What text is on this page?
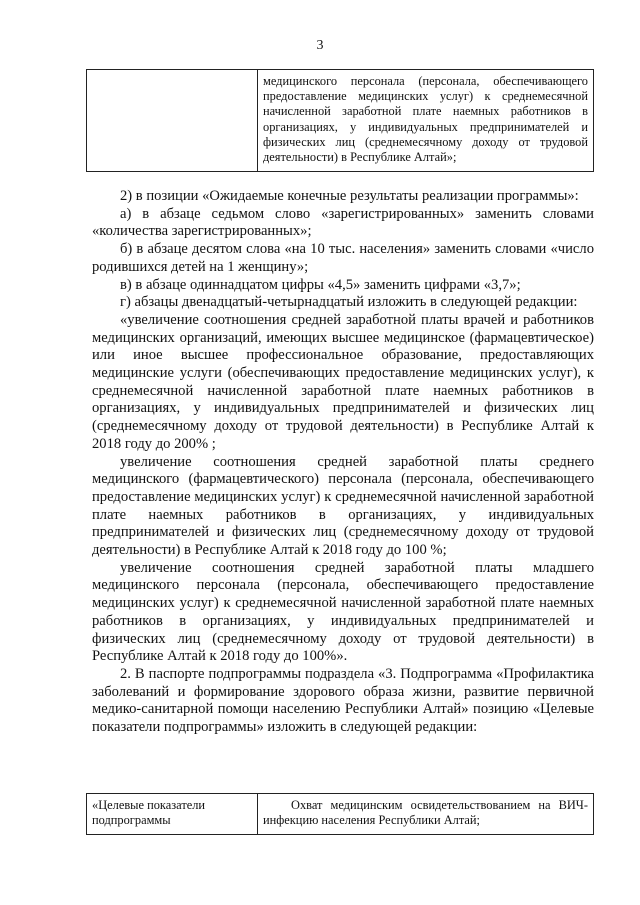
3
	медицинского персонала (персонала, обеспечивающего предоставление медицинских услуг) к среднемесячной начисленной заработной плате наемных работников в организациях, у индивидуальных предпринимателей и физических лиц (среднемесячному доходу от трудовой деятельности) в Республике Алтай»;

2) в позиции «Ожидаемые конечные результаты реализации программы»:

а) в абзаце седьмом слово «зарегистрированных» заменить словами «количества зарегистрированных»;

б) в абзаце десятом слова «на 10 тыс. населения» заменить словами «число родившихся детей на 1 женщину»;

в) в абзаце одиннадцатом цифры «4,5» заменить цифрами «3,7»;

г) абзацы двенадцатый-четырнадцатый изложить в следующей редакции:

«увеличение соотношения средней заработной платы врачей и работников медицинских организаций, имеющих высшее медицинское (фармацевтическое) или иное высшее профессиональное образование, предоставляющих медицинские услуги (обеспечивающих предоставление медицинских услуг), к среднемесячной начисленной заработной плате наемных работников в организациях, у индивидуальных предпринимателей и физических лиц (среднемесячному доходу от трудовой деятельности) в Республике Алтай к 2018 году до 200% ;

увеличение соотношения средней заработной платы среднего медицинского (фармацевтического) персонала (персонала, обеспечивающего предоставление медицинских услуг) к среднемесячной начисленной заработной плате наемных работников в организациях, у индивидуальных предпринимателей и физических лиц (среднемесячному доходу от трудовой деятельности) в Республике Алтай к 2018 году до 100 %;

увеличение соотношения средней заработной платы младшего медицинского персонала (персонала, обеспечивающего предоставление медицинских услуг) к среднемесячной начисленной заработной плате наемных работников в организациях, у индивидуальных предпринимателей и физических лиц (среднемесячному доходу от трудовой деятельности) в Республике Алтай к 2018 году до 100%».

2. В паспорте подпрограммы подраздела «3. Подпрограмма «Профилактика заболеваний и формирование здорового образа жизни, развитие первичной медико-санитарной помощи населению Республики Алтай» позицию «Целевые показатели подпрограммы» изложить в следующей редакции:

«Целевые показатели подпрограммы	Охват медицинским освидетельствованием на ВИЧ-инфекцию населения Республики Алтай;
